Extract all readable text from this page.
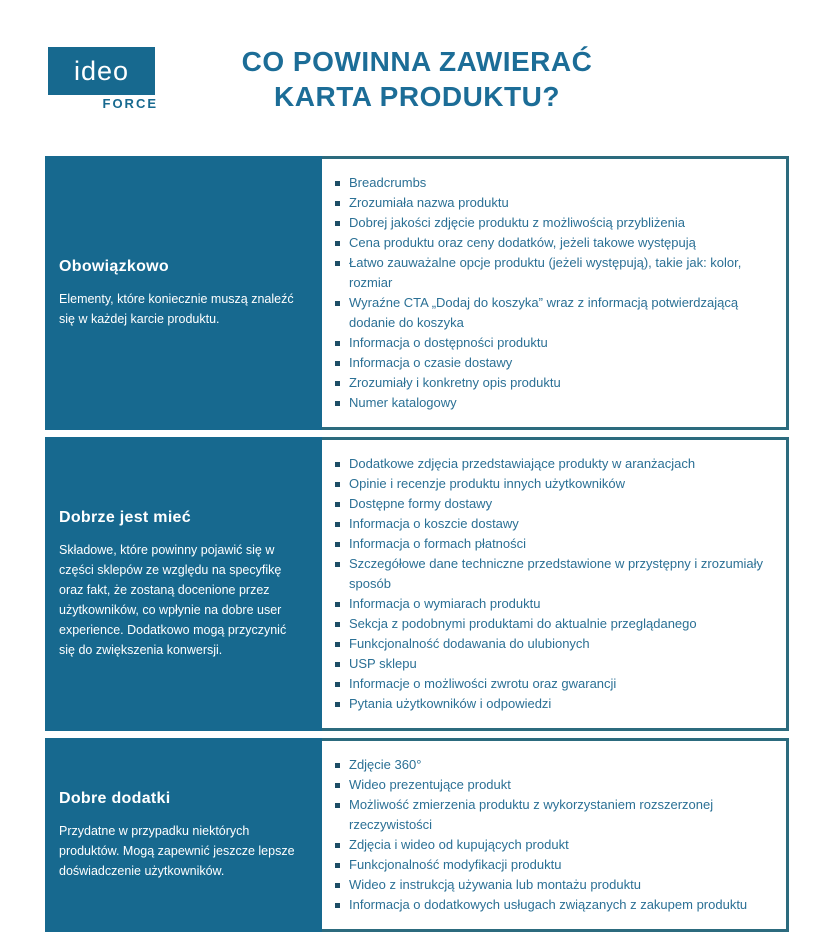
ideo
FORCE
CO POWINNA ZAWIERAĆ
KARTA PRODUKTU?
Obowiązkowo

Elementy, które koniecznie muszą znaleźć się w każdej karcie produktu.

Breadcrumbs
Zrozumiała nazwa produktu
Dobrej jakości zdjęcie produktu z możliwością przybliżenia
Cena produktu oraz ceny dodatków, jeżeli takowe występują
Łatwo zauważalne opcje produktu (jeżeli występują), takie jak: kolor, rozmiar
Wyraźne CTA „Dodaj do koszyka” wraz z informacją potwierdzającą dodanie do koszyka
Informacja o dostępności produktu
Informacja o czasie dostawy
Zrozumiały i konkretny opis produktu
Numer katalogowy
Dobrze jest mieć

Składowe, które powinny pojawić się w części sklepów ze względu na specyfikę oraz fakt, że zostaną docenione przez użytkowników, co wpłynie na dobre user experience. Dodatkowo mogą przyczynić się do zwiększenia konwersji.

Dodatkowe zdjęcia przedstawiające produkty w aranżacjach
Opinie i recenzje produktu innych użytkowników
Dostępne formy dostawy
Informacja o koszcie dostawy
Informacja o formach płatności
Szczegółowe dane techniczne przedstawione w przystępny i zrozumiały sposób
Informacja o wymiarach produktu
Sekcja z podobnymi produktami do aktualnie przeglądanego
Funkcjonalność dodawania do ulubionych
USP sklepu
Informacje o możliwości zwrotu oraz gwarancji
Pytania użytkowników i odpowiedzi
Dobre dodatki

Przydatne w przypadku niektórych produktów. Mogą zapewnić jeszcze lepsze doświadczenie użytkowników.

Zdjęcie 360°
Wideo prezentujące produkt
Możliwość zmierzenia produktu z wykorzystaniem rozszerzonej rzeczywistości
Zdjęcia i wideo od kupujących produkt
Funkcjonalność modyfikacji produktu
Wideo z instrukcją używania lub montażu produktu
Informacja o dodatkowych usługach związanych z zakupem produktu
